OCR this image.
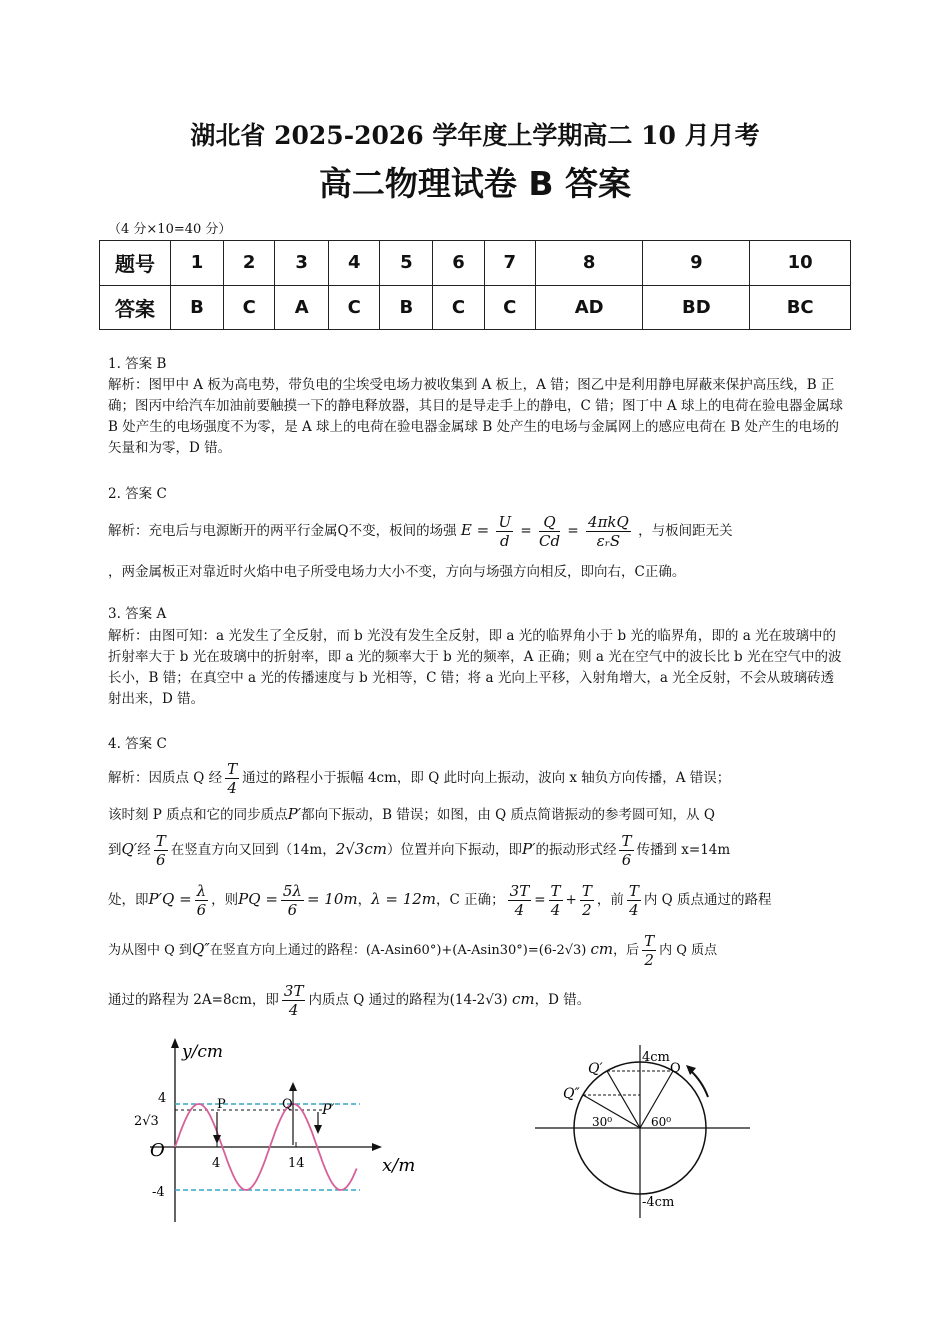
湖北省 2025-2026 学年度上学期高二 10 月月考
高二物理试卷 B 答案
（4 分×10=40 分）
题号	1	2	3	4	5	6	7	8	9	10
答案	B	C	A	C	B	C	C	AD	BD	BC
1. 答案 B
解析：图甲中 A 板为高电势，带负电的尘埃受电场力被收集到 A 板上，A 错；图乙中是利用静电屏蔽来保护高压线，B 正确；图丙中给汽车加油前要触摸一下的静电释放器，其目的是导走手上的静电，C 错；图丁中 A 球上的电荷在验电器金属球 B 处产生的电场强度不为零，是 A 球上的电荷在验电器金属球 B 处产生的电场与金属网上的感应电荷在 B 处产生的电场的矢量和为零，D 错。
2. 答案 C
解析：充电后与电源断开的两平行金属Q不变，板间的场强 $E = \frac{U}{d} = \frac{Q}{Cd} = \frac{\text{4πkQ}}{\text{εᵣS}}$ ，与板间距无关
，两金属板正对靠近时火焰中电子所受电场力大小不变，方向与场强方向相反，即向右，C正确。
3. 答案 A
解析：由图可知：a 光发生了全反射，而 b 光没有发生全反射，即 a 光的临界角小于 b 光的临界角，即的 a 光在玻璃中的折射率大于 b 光在玻璃中的折射率，即 a 光的频率大于 b 光的频率，A 正确；则 a 光在空气中的波长比 b 光在空气中的波长小，B 错；在真空中 a 光的传播速度与 b 光相等，C 错；将 a 光向上平移，入射角增大，a 光全反射，不会从玻璃砖透射出来，D 错。
4. 答案 C
解析：因质点 Q 经 $\frac{T}{4}$ 通过的路程小于振幅 4cm，即 Q 此时向上振动，波向 x 轴负方向传播，A 错误；
该时刻 P 质点和它的同步质点P′都向下振动，B 错误；如图，由 Q 质点简谐振动的参考圆可知，从 Q
到Q′经 $\frac{T}{6}$ 在竖直方向又回到（14m，2√3cm）位置并向下振动，即P′的振动形式经 $\frac{T}{6}$ 传播到 x=14m
处，即$P'Q = \frac{\lambda}{6}$ ，则PQ = $\frac{5\lambda}{6} = 10m$，λ = 12m，C 正确； $\frac{3T}{4} = \frac{T}{4} + \frac{T}{2}$ ，前 $\frac{T}{4}$ 内 Q 质点通过的路程
为从图中 Q 到Q″在竖直方向上通过的路程：(A-Asin60°)+(A-Asin30°)=(6-2√3) cm，后 $\frac{T}{2}$ 内 Q 质点
通过的路程为 2A=8cm，即 $\frac{3T}{4}$ 内质点 Q 通过的路程为(14-2√3) cm，D 错。
y/cm
x/m
O
4
2√3
-4
4	14
P	Q P′
4cm
-4cm
Q
Q′
Q″
30⁰	60⁰
